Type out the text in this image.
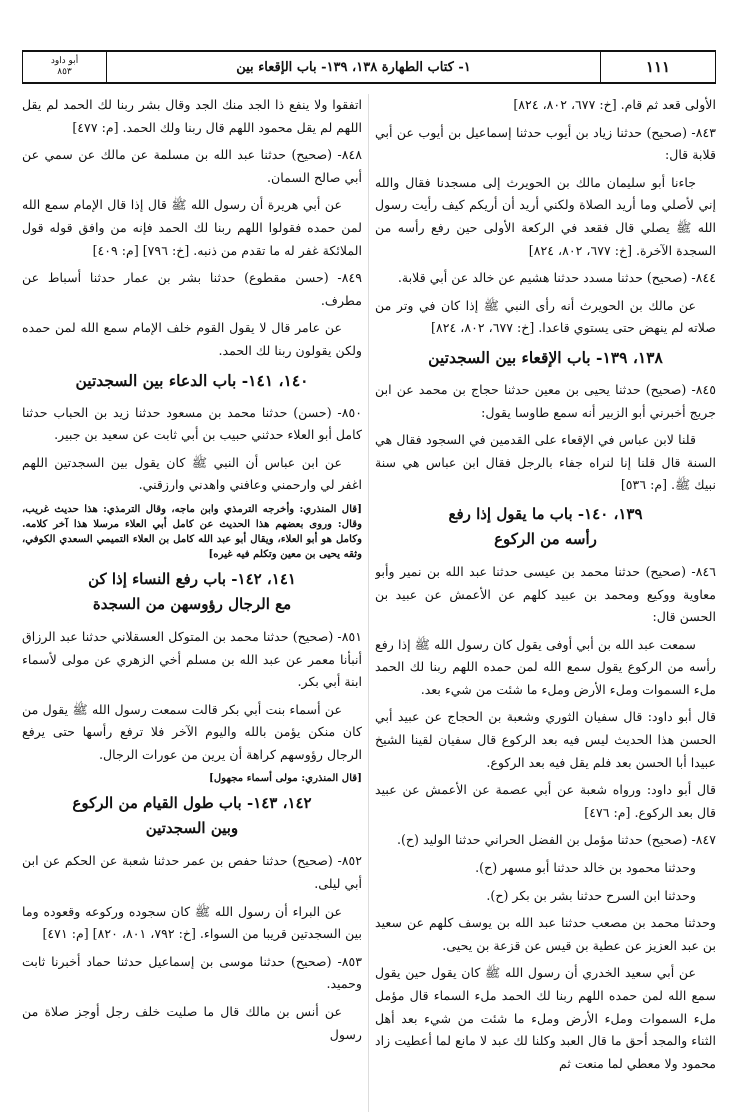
١١١
١- كتاب الطهارة ١٣٨، ١٣٩- باب الإقعاء بين
أبو داود
٨٥٣

الأولى قعد ثم قام. [خ: ٦٧٧، ٨٠٢، ٨٢٤]

٨٤٣- (صحيح) حدثنا زياد بن أيوب حدثنا إسماعيل بن أيوب عن أبي قلابة قال:

جاءنا أبو سليمان مالك بن الحويرث إلى مسجدنا فقال والله إني لأصلي وما أريد الصلاة ولكني أريد أن أريكم كيف رأيت رسول الله ﷺ يصلي قال فقعد في الركعة الأولى حين رفع رأسه من السجدة الآخرة. [خ: ٦٧٧، ٨٠٢، ٨٢٤]

٨٤٤- (صحيح) حدثنا مسدد حدثنا هشيم عن خالد عن أبي قلابة.

عن مالك بن الحويرث أنه رأى النبي ﷺ إذا كان في وتر من صلاته لم ينهض حتى يستوي قاعدا. [خ: ٦٧٧، ٨٠٢، ٨٢٤]

١٣٨، ١٣٩- باب الإقعاء بين السجدتين

٨٤٥- (صحيح) حدثنا يحيى بن معين حدثنا حجاج بن محمد عن ابن جريج أخبرني أبو الزبير أنه سمع طاوسا يقول:

قلنا لابن عباس في الإقعاء على القدمين في السجود فقال هي السنة قال قلنا إنا لنراه جفاء بالرجل فقال ابن عباس هي سنة نبيك ﷺ. [م: ٥٣٦]

١٣٩، ١٤٠- باب ما يقول إذا رفع
رأسه من الركوع

٨٤٦- (صحيح) حدثنا محمد بن عيسى حدثنا عبد الله بن نمير وأبو معاوية ووكيع ومحمد بن عبيد كلهم عن الأعمش عن عبيد بن الحسن قال:

سمعت عبد الله بن أبي أوفى يقول كان رسول الله ﷺ إذا رفع رأسه من الركوع يقول سمع الله لمن حمده اللهم ربنا لك الحمد ملء السموات وملء الأرض وملء ما شئت من شيء بعد.

قال أبو داود: قال سفيان الثوري وشعبة بن الحجاج عن عبيد أبي الحسن هذا الحديث ليس فيه بعد الركوع قال سفيان لقينا الشيخ عبيدا أبا الحسن بعد فلم يقل فيه بعد الركوع.

قال أبو داود: ورواه شعبة عن أبي عصمة عن الأعمش عن عبيد قال بعد الركوع. [م: ٤٧٦]

٨٤٧- (صحيح) حدثنا مؤمل بن الفضل الحراني حدثنا الوليد (ح).

وحدثنا محمود بن خالد حدثنا أبو مسهر (ح).

وحدثنا ابن السرح حدثنا بشر بن بكر (ح).

وحدثنا محمد بن مصعب حدثنا عبد الله بن يوسف كلهم عن سعيد بن عبد العزيز عن عطية بن قيس عن قزعة بن يحيى.

عن أبي سعيد الخدري أن رسول الله ﷺ كان يقول حين يقول سمع الله لمن حمده اللهم ربنا لك الحمد ملء السماء قال مؤمل ملء السموات وملء الأرض وملء ما شئت من شيء بعد أهل الثناء والمجد أحق ما قال العبد وكلنا لك عبد لا مانع لما أعطيت زاد محمود ولا معطي لما منعت ثم

اتفقوا ولا ينفع ذا الجد منك الجد وقال بشر ربنا لك الحمد لم يقل اللهم لم يقل محمود اللهم قال ربنا ولك الحمد. [م: ٤٧٧]

٨٤٨- (صحيح) حدثنا عبد الله بن مسلمة عن مالك عن سمي عن أبي صالح السمان.

عن أبي هريرة أن رسول الله ﷺ قال إذا قال الإمام سمع الله لمن حمده فقولوا اللهم ربنا لك الحمد فإنه من وافق قوله قول الملائكة غفر له ما تقدم من ذنبه. [خ: ٧٩٦] [م: ٤٠٩]

٨٤٩- (حسن مقطوع) حدثنا بشر بن عمار حدثنا أسباط عن مطرف.

عن عامر قال لا يقول القوم خلف الإمام سمع الله لمن حمده ولكن يقولون ربنا لك الحمد.

١٤٠، ١٤١- باب الدعاء بين السجدتين

٨٥٠- (حسن) حدثنا محمد بن مسعود حدثنا زيد بن الحباب حدثنا كامل أبو العلاء حدثني حبيب بن أبي ثابت عن سعيد بن جبير.

عن ابن عباس أن النبي ﷺ كان يقول بين السجدتين اللهم اغفر لي وارحمني وعافني واهدني وارزقني.

[قال المنذري: وأخرجه الترمذي وابن ماجه، وقال الترمذي: هذا حديث غريب، وقال: وروى بعضهم هذا الحديث عن كامل أبي العلاء مرسلا هذا آخر كلامه. وكامل هو أبو العلاء، ويقال أبو عبد الله كامل بن العلاء التميمي السعدي الكوفي، وثقه يحيى بن معين وتكلم فيه غيره]

١٤١، ١٤٢- باب رفع النساء إذا كن
مع الرجال رؤوسهن من السجدة

٨٥١- (صحيح) حدثنا محمد بن المتوكل العسقلاني حدثنا عبد الرزاق أنبأنا معمر عن عبد الله بن مسلم أخي الزهري عن مولى لأسماء ابنة أبي بكر.

عن أسماء بنت أبي بكر قالت سمعت رسول الله ﷺ يقول من كان منكن يؤمن بالله واليوم الآخر فلا ترفع رأسها حتى يرفع الرجال رؤوسهم كراهة أن يرين من عورات الرجال.

[قال المنذري: مولى أسماء مجهول]

١٤٢، ١٤٣- باب طول القيام من الركوع
وبين السجدتين

٨٥٢- (صحيح) حدثنا حفص بن عمر حدثنا شعبة عن الحكم عن ابن أبي ليلى.

عن البراء أن رسول الله ﷺ كان سجوده وركوعه وقعوده وما بين السجدتين قريبا من السواء. [خ: ٧٩٢، ٨٠١، ٨٢٠] [م: ٤٧١]

٨٥٣- (صحيح) حدثنا موسى بن إسماعيل حدثنا حماد أخبرنا ثابت وحميد.

عن أنس بن مالك قال ما صليت خلف رجل أوجز صلاة من رسول
